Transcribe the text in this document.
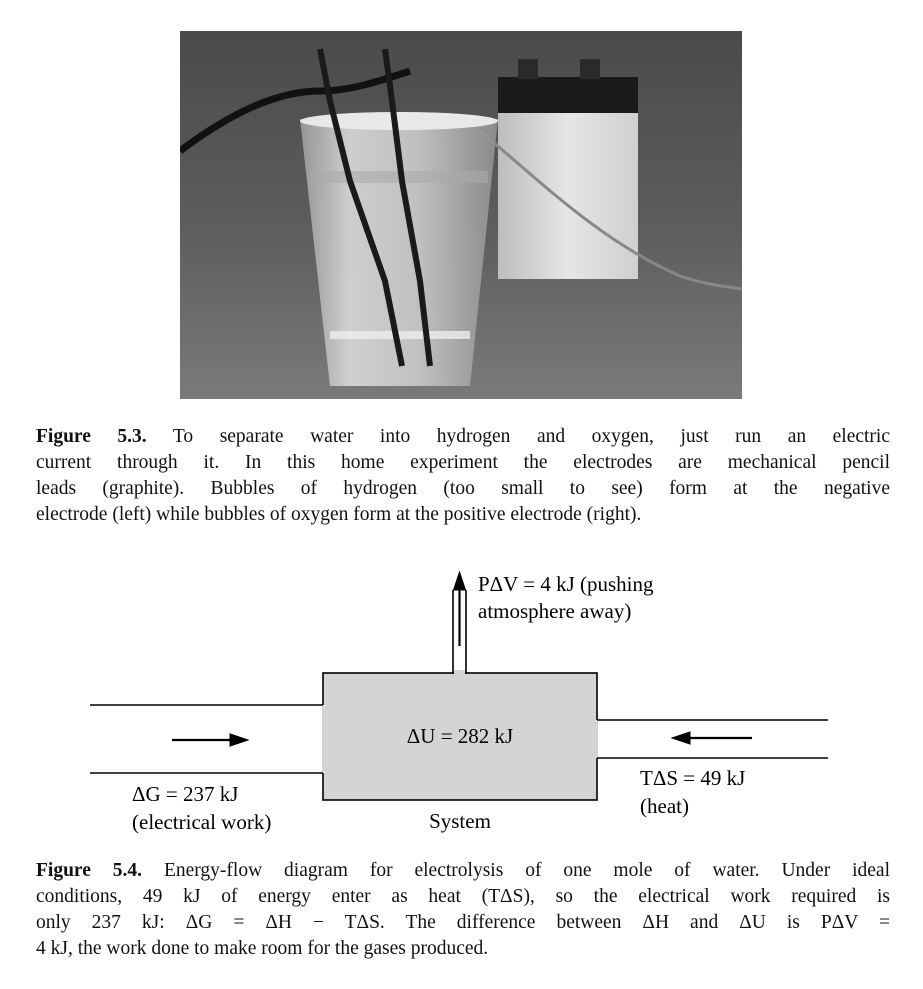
Figure 5.3. To separate water into hydrogen and oxygen, just run an electric
current through it. In this home experiment the electrodes are mechanical pencil
leads (graphite). Bubbles of hydrogen (too small to see) form at the negative
electrode (left) while bubbles of oxygen form at the positive electrode (right).
PΔV = 4 kJ (pushing
atmosphere away)
ΔU = 282 kJ
ΔG = 237 kJ
(electrical work)
TΔS = 49 kJ
(heat)
System
Figure 5.4. Energy-flow diagram for electrolysis of one mole of water. Under ideal
conditions, 49 kJ of energy enter as heat (TΔS), so the electrical work required is
only 237 kJ: ΔG = ΔH − TΔS. The difference between ΔH and ΔU is PΔV =
4 kJ, the work done to make room for the gases produced.
